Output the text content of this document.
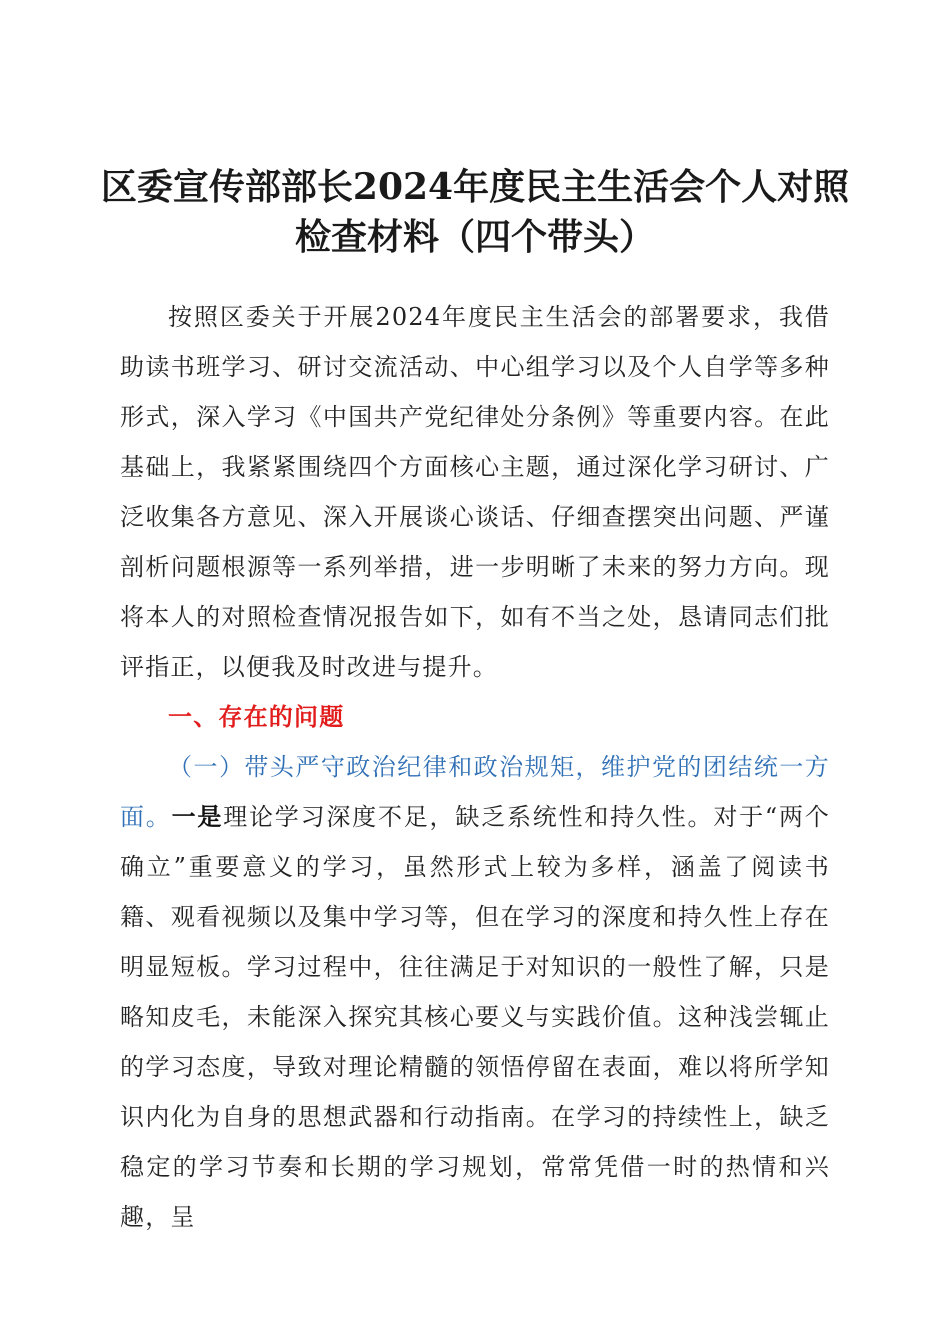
区委宣传部部长2024年度民主生活会个人对照
检查材料（四个带头）

按照区委关于开展2024年度民主生活会的部署要求，我借助读书班学习、研讨交流活动、中心组学习以及个人自学等多种形式，深入学习《中国共产党纪律处分条例》等重要内容。在此基础上，我紧紧围绕四个方面核心主题，通过深化学习研讨、广泛收集各方意见、深入开展谈心谈话、仔细查摆突出问题、严谨剖析问题根源等一系列举措，进一步明晰了未来的努力方向。现将本人的对照检查情况报告如下，如有不当之处，恳请同志们批评指正，以便我及时改进与提升。

一、存在的问题

（一）带头严守政治纪律和政治规矩，维护党的团结统一方面。一是理论学习深度不足，缺乏系统性和持久性。对于“两个确立”重要意义的学习，虽然形式上较为多样，涵盖了阅读书籍、观看视频以及集中学习等，但在学习的深度和持久性上存在明显短板。学习过程中，往往满足于对知识的一般性了解，只是略知皮毛，未能深入探究其核心要义与实践价值。这种浅尝辄止的学习态度，导致对理论精髓的领悟停留在表面，难以将所学知识内化为自身的思想武器和行动指南。在学习的持续性上，缺乏稳定的学习节奏和长期的学习规划，常常凭借一时的热情和兴趣，呈
